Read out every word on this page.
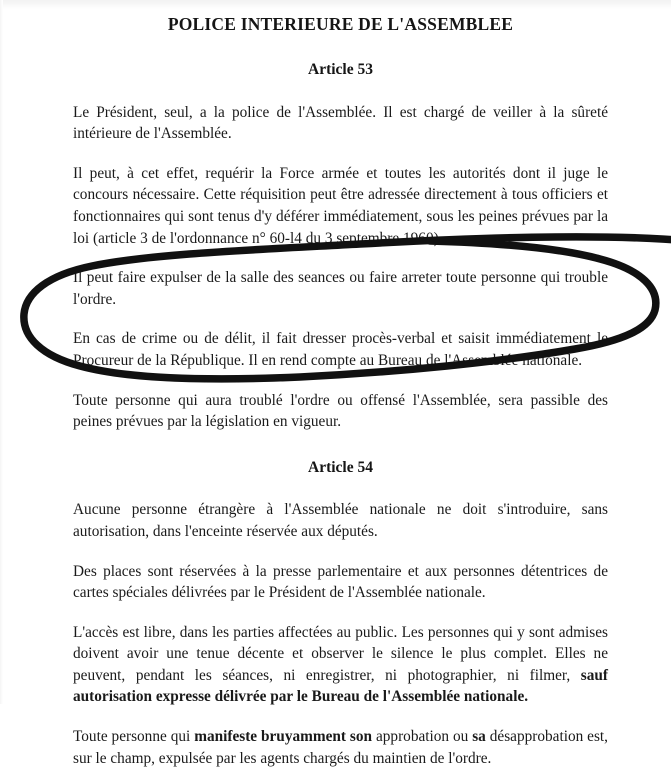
POLICE INTERIEURE DE L'ASSEMBLEE
Article 53

Le Président, seul, a la police de l'Assemblée. Il est chargé de veiller à la sûreté intérieure de l'Assemblée.

Il peut, à cet effet, requérir la Force armée et toutes les autorités dont il juge le concours nécessaire. Cette réquisition peut être adressée directement à tous officiers et fonctionnaires qui sont tenus d'y déférer immédiatement, sous les peines prévues par la loi (article 3 de l'ordonnance n° 60-l4 du 3 septembre 1960).

Il peut faire expulser de la salle des seances ou faire arreter toute personne qui trouble l'ordre.

En cas de crime ou de délit, il fait dresser procès-verbal et saisit immédiatement le Procureur de la République. Il en rend compte au Bureau de l'Assemblée nationale.

Toute personne qui aura troublé l'ordre ou offensé l'Assemblée, sera passible des peines prévues par la législation en vigueur.

Article 54

Aucune personne étrangère à l'Assemblée nationale ne doit s'introduire, sans autorisation, dans l'enceinte réservée aux députés.

Des places sont réservées à la presse parlementaire et aux personnes détentrices de cartes spéciales délivrées par le Président de l'Assemblée nationale.

L'accès est libre, dans les parties affectées au public. Les personnes qui y sont admises doivent avoir une tenue décente et observer le silence le plus complet. Elles ne peuvent, pendant les séances, ni enregistrer, ni photographier, ni filmer, sauf autorisation expresse délivrée par le Bureau de l'Assemblée nationale.

Toute personne qui manifeste bruyamment son approbation ou sa désapprobation est, sur le champ, expulsée par les agents chargés du maintien de l'ordre.
